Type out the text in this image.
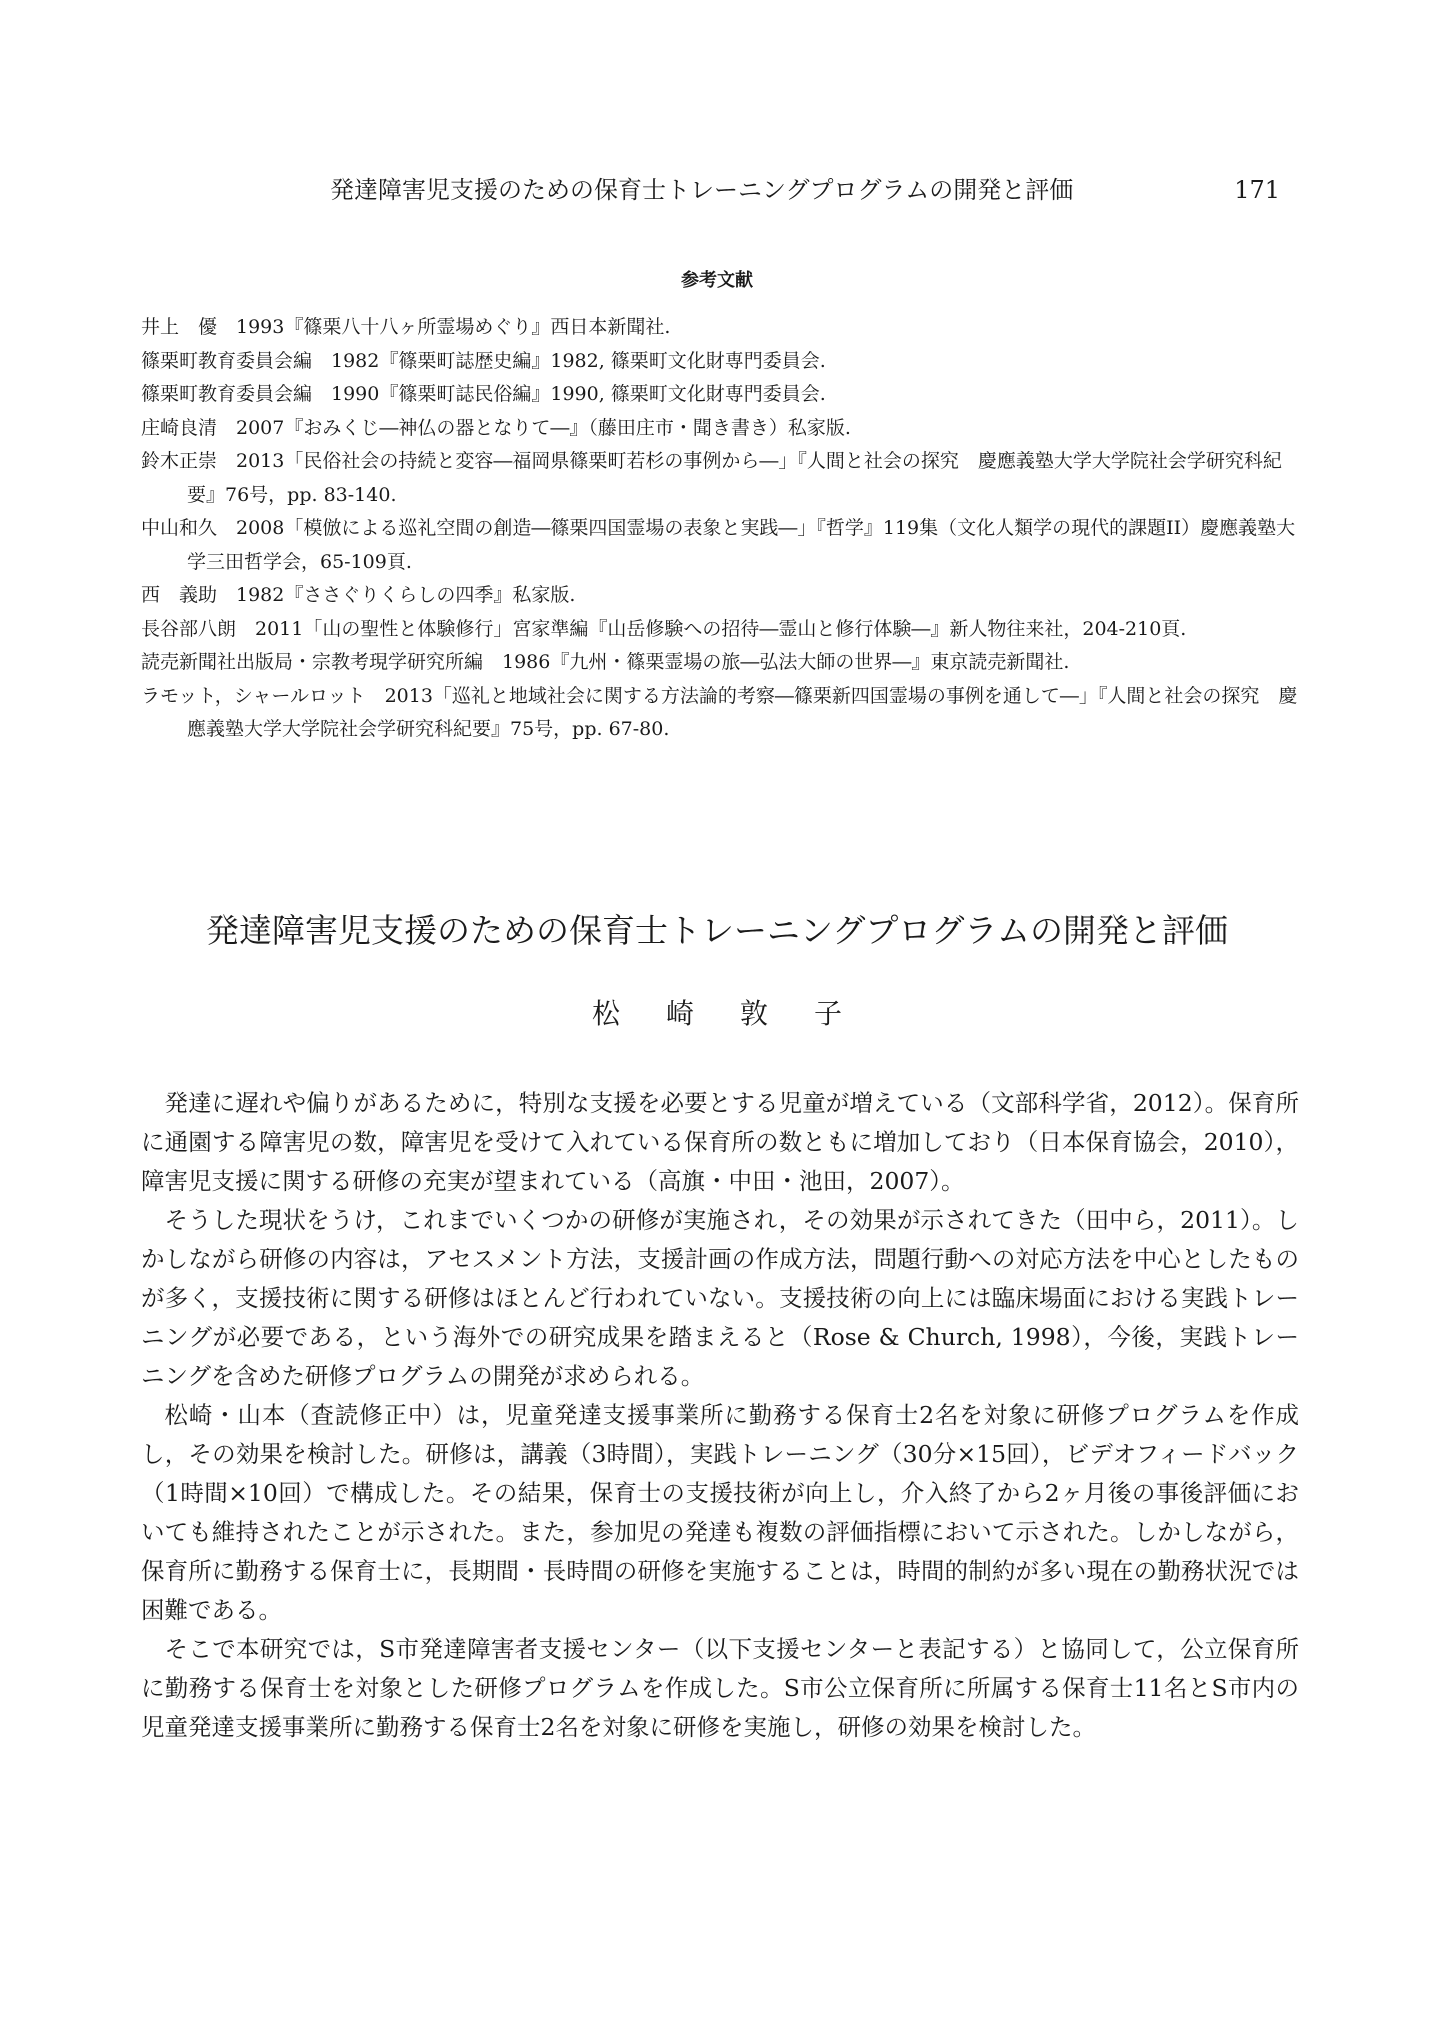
発達障害児支援のための保育士トレーニングプログラムの開発と評価	171
参考文献
井上　優　1993『篠栗八十八ヶ所霊場めぐり』西日本新聞社.
篠栗町教育委員会編　1982『篠栗町誌歴史編』1982, 篠栗町文化財専門委員会.
篠栗町教育委員会編　1990『篠栗町誌民俗編』1990, 篠栗町文化財専門委員会.
庄崎良清　2007『おみくじ―神仏の器となりて―』（藤田庄市・聞き書き）私家版.
鈴木正崇　2013「民俗社会の持続と変容―福岡県篠栗町若杉の事例から―」『人間と社会の探究　慶應義塾大学大学院社会学研究科紀要』76号，pp. 83-140.
中山和久　2008「模倣による巡礼空間の創造―篠栗四国霊場の表象と実践―」『哲学』119集（文化人類学の現代的課題II）慶應義塾大学三田哲学会，65-109頁.
西　義助　1982『ささぐりくらしの四季』私家版.
長谷部八朗　2011「山の聖性と体験修行」宮家準編『山岳修験への招待―霊山と修行体験―』新人物往来社，204-210頁.
読売新聞社出版局・宗教考現学研究所編　1986『九州・篠栗霊場の旅―弘法大師の世界―』東京読売新聞社.
ラモット，シャールロット　2013「巡礼と地域社会に関する方法論的考察―篠栗新四国霊場の事例を通して―」『人間と社会の探究　慶應義塾大学大学院社会学研究科紀要』75号，pp. 67-80.
発達障害児支援のための保育士トレーニングプログラムの開発と評価
松崎敦子

発達に遅れや偏りがあるために，特別な支援を必要とする児童が増えている（文部科学省，2012）。保育所に通園する障害児の数，障害児を受けて入れている保育所の数ともに増加しており（日本保育協会，2010），障害児支援に関する研修の充実が望まれている（高旗・中田・池田，2007）。

そうした現状をうけ，これまでいくつかの研修が実施され，その効果が示されてきた（田中ら，2011）。しかしながら研修の内容は，アセスメント方法，支援計画の作成方法，問題行動への対応方法を中心としたものが多く，支援技術に関する研修はほとんど行われていない。支援技術の向上には臨床場面における実践トレーニングが必要である，という海外での研究成果を踏まえると（Rose & Church, 1998），今後，実践トレーニングを含めた研修プログラムの開発が求められる。

松崎・山本（査読修正中）は，児童発達支援事業所に勤務する保育士2名を対象に研修プログラムを作成し，その効果を検討した。研修は，講義（3時間），実践トレーニング（30分×15回），ビデオフィードバック（1時間×10回）で構成した。その結果，保育士の支援技術が向上し，介入終了から2ヶ月後の事後評価においても維持されたことが示された。また，参加児の発達も複数の評価指標において示された。しかしながら，保育所に勤務する保育士に，長期間・長時間の研修を実施することは，時間的制約が多い現在の勤務状況では困難である。

そこで本研究では，S市発達障害者支援センター（以下支援センターと表記する）と協同して，公立保育所に勤務する保育士を対象とした研修プログラムを作成した。S市公立保育所に所属する保育士11名とS市内の児童発達支援事業所に勤務する保育士2名を対象に研修を実施し，研修の効果を検討した。
